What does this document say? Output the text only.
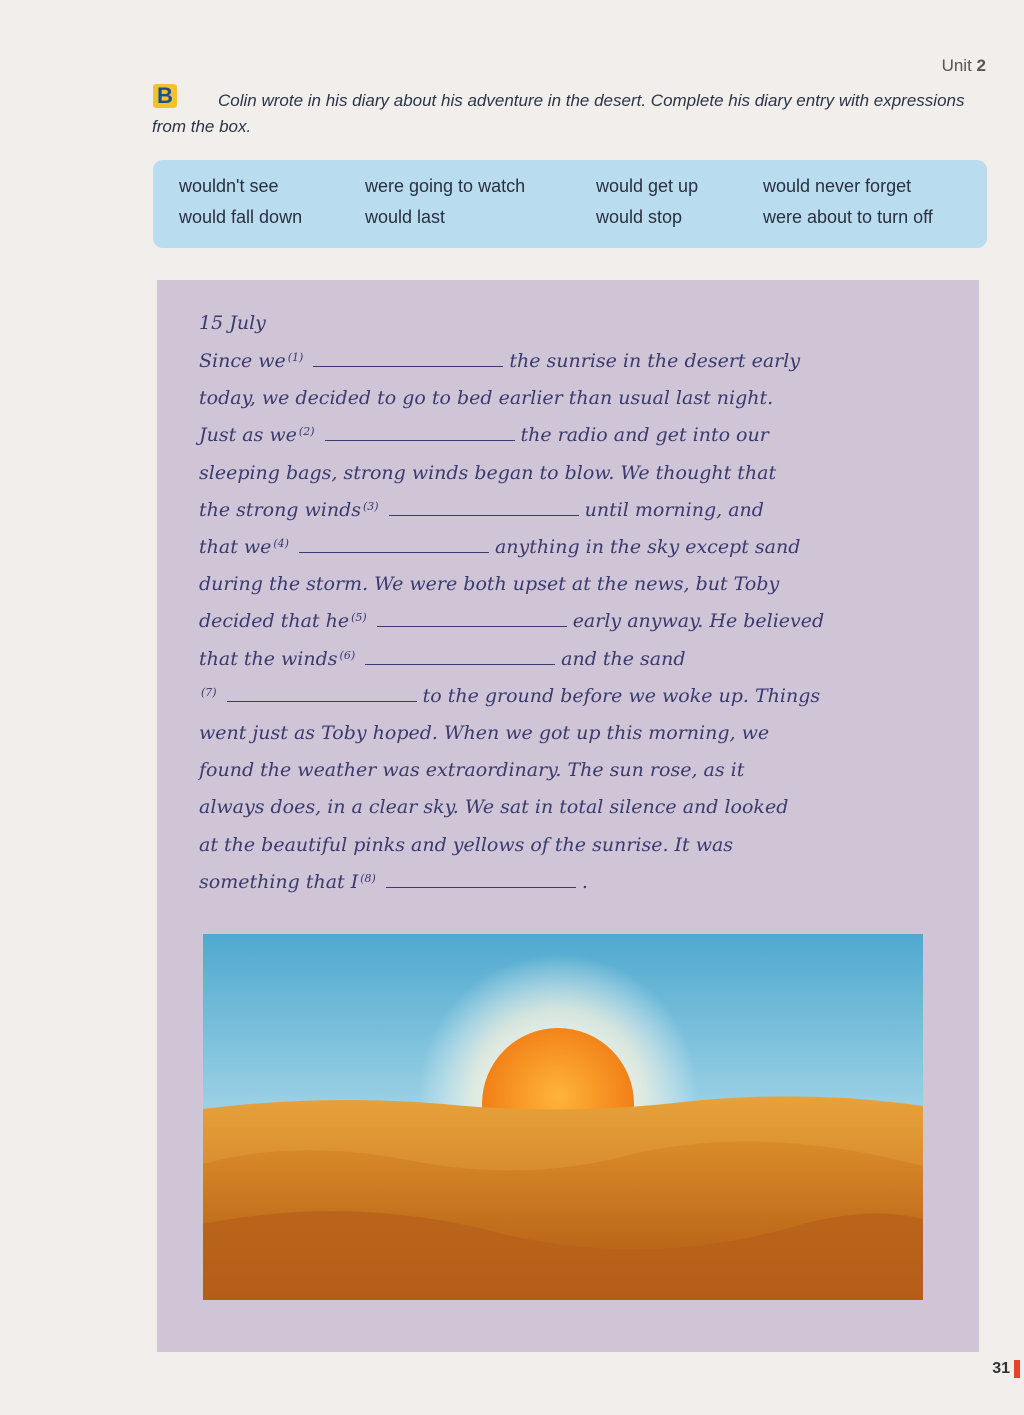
Unit 2
Colin wrote in his diary about his adventure in the desert. Complete his diary entry with expressions from the box.
B
wouldn't see	were going to watch	would get up	would never forget
would fall down	would last	would stop	were about to turn off
15 July
Since we $^{(1)}$	the sunrise in the desert early
today, we decided to go to bed earlier than usual last night.
Just as we $^{(2)}$	the radio and get into our
sleeping bags, strong winds began to blow. We thought that
the strong winds $^{(3)}$	until morning, and
that we $^{(4)}$	anything in the sky except sand
during the storm. We were both upset at the news, but Toby
decided that he $^{(5)}$	early anyway. He believed
that the winds $^{(6)}$	and the sand
$^{(7)}$	to the ground before we woke up. Things
went just as Toby hoped. When we got up this morning, we
found the weather was extraordinary. The sun rose, as it
always does, in a clear sky. We sat in total silence and looked
at the beautiful pinks and yellows of the sunrise. It was
something that I $^{(8)}$	.
31
